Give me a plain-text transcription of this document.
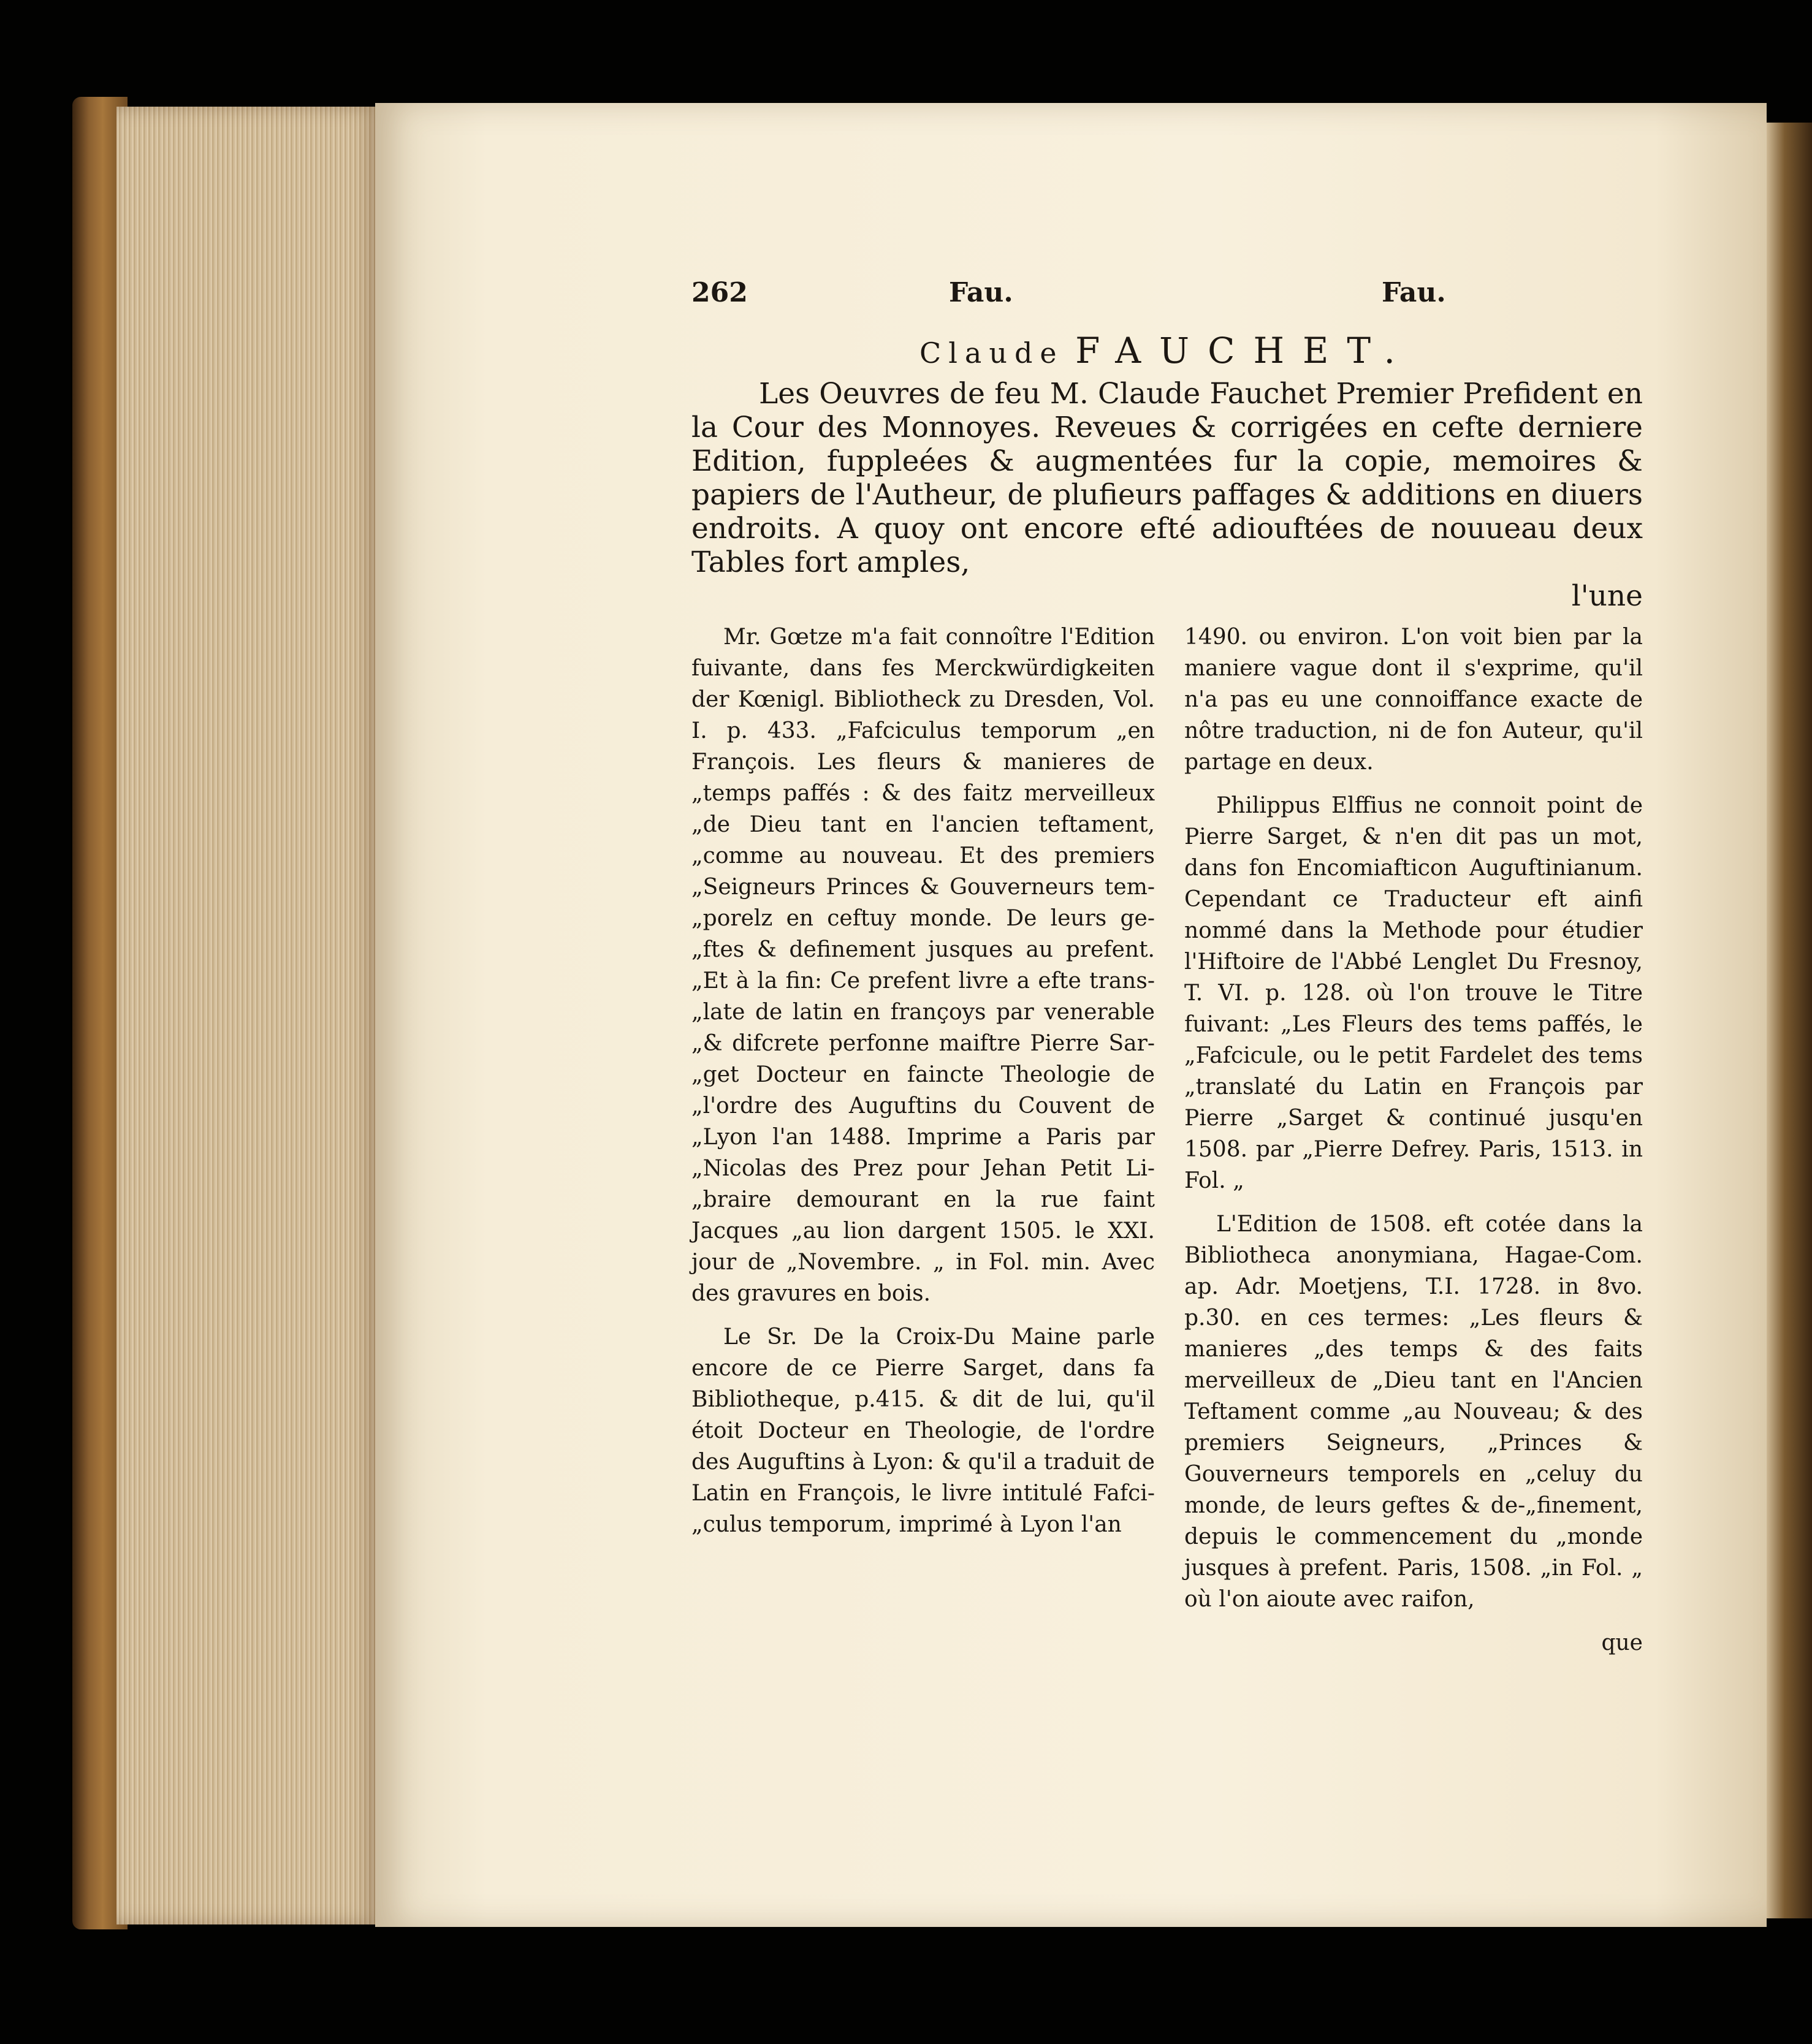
262	Fau.	Fau.
Claude FAUCHET.

Les Oeuvres de feu M. Claude Fauchet Premier Prefident en la Cour des Monnoyes. Reveues & corrigées en cefte derniere Edition, fuppleées & augmentées fur la copie, memoires & papiers de l'Autheur, de plufieurs paffages & additions en diuers endroits. A quoy ont encore efté adiouftées de nouueau deux Tables fort amples,

l'une

Mr. Gœtze m'a fait connoître l'Edition fuivante, dans fes Merckwürdigkeiten der Kœnigl. Bibliotheck zu Dresden, Vol. I. p. 433. „Fafciculus temporum „en François. Les fleurs & manieres de „temps paffés : & des faitz merveilleux „de Dieu tant en l'ancien teftament, „comme au nouveau. Et des premiers „Seigneurs Princes & Gouverneurs tem-„porelz en ceftuy monde. De leurs ge-„ftes & definement jusques au prefent. „Et à la fin: Ce prefent livre a efte trans-„late de latin en françoys par venerable „& difcrete perfonne maiftre Pierre Sar-„get Docteur en faincte Theologie de „l'ordre des Auguftins du Couvent de „Lyon l'an 1488. Imprime a Paris par „Nicolas des Prez pour Jehan Petit Li-„braire demourant en la rue faint Jacques „au lion dargent 1505. le XXI. jour de „Novembre. „ in Fol. min. Avec des gravures en bois.

Le Sr. De la Croix-Du Maine parle encore de ce Pierre Sarget, dans fa Bibliotheque, p.415. & dit de lui, qu'il étoit Docteur en Theologie, de l'ordre des Auguftins à Lyon: & qu'il a traduit de Latin en François, le livre intitulé Fafci-„culus temporum, imprimé à Lyon l'an

1490. ou environ. L'on voit bien par la maniere vague dont il s'exprime, qu'il n'a pas eu une connoiffance exacte de nôtre traduction, ni de fon Auteur, qu'il partage en deux.

Philippus Elffius ne connoit point de Pierre Sarget, & n'en dit pas un mot, dans fon Encomiafticon Auguftinianum. Cependant ce Traducteur eft ainfi nommé dans la Methode pour étudier l'Hiftoire de l'Abbé Lenglet Du Fresnoy, T. VI. p. 128. où l'on trouve le Titre fuivant: „Les Fleurs des tems paffés, le „Fafcicule, ou le petit Fardelet des tems „translaté du Latin en François par Pierre „Sarget & continué jusqu'en 1508. par „Pierre Defrey. Paris, 1513. in Fol. „

L'Edition de 1508. eft cotée dans la Bibliotheca anonymiana, Hagae-Com. ap. Adr. Moetjens, T.I. 1728. in 8vo. p.30. en ces termes: „Les fleurs & manieres „des temps & des faits merveilleux de „Dieu tant en l'Ancien Teftament comme „au Nouveau; & des premiers Seigneurs, „Princes & Gouverneurs temporels en „celuy du monde, de leurs geftes & de-„finement, depuis le commencement du „monde jusques à prefent. Paris, 1508. „in Fol. „ où l'on aioute avec raifon,

que
